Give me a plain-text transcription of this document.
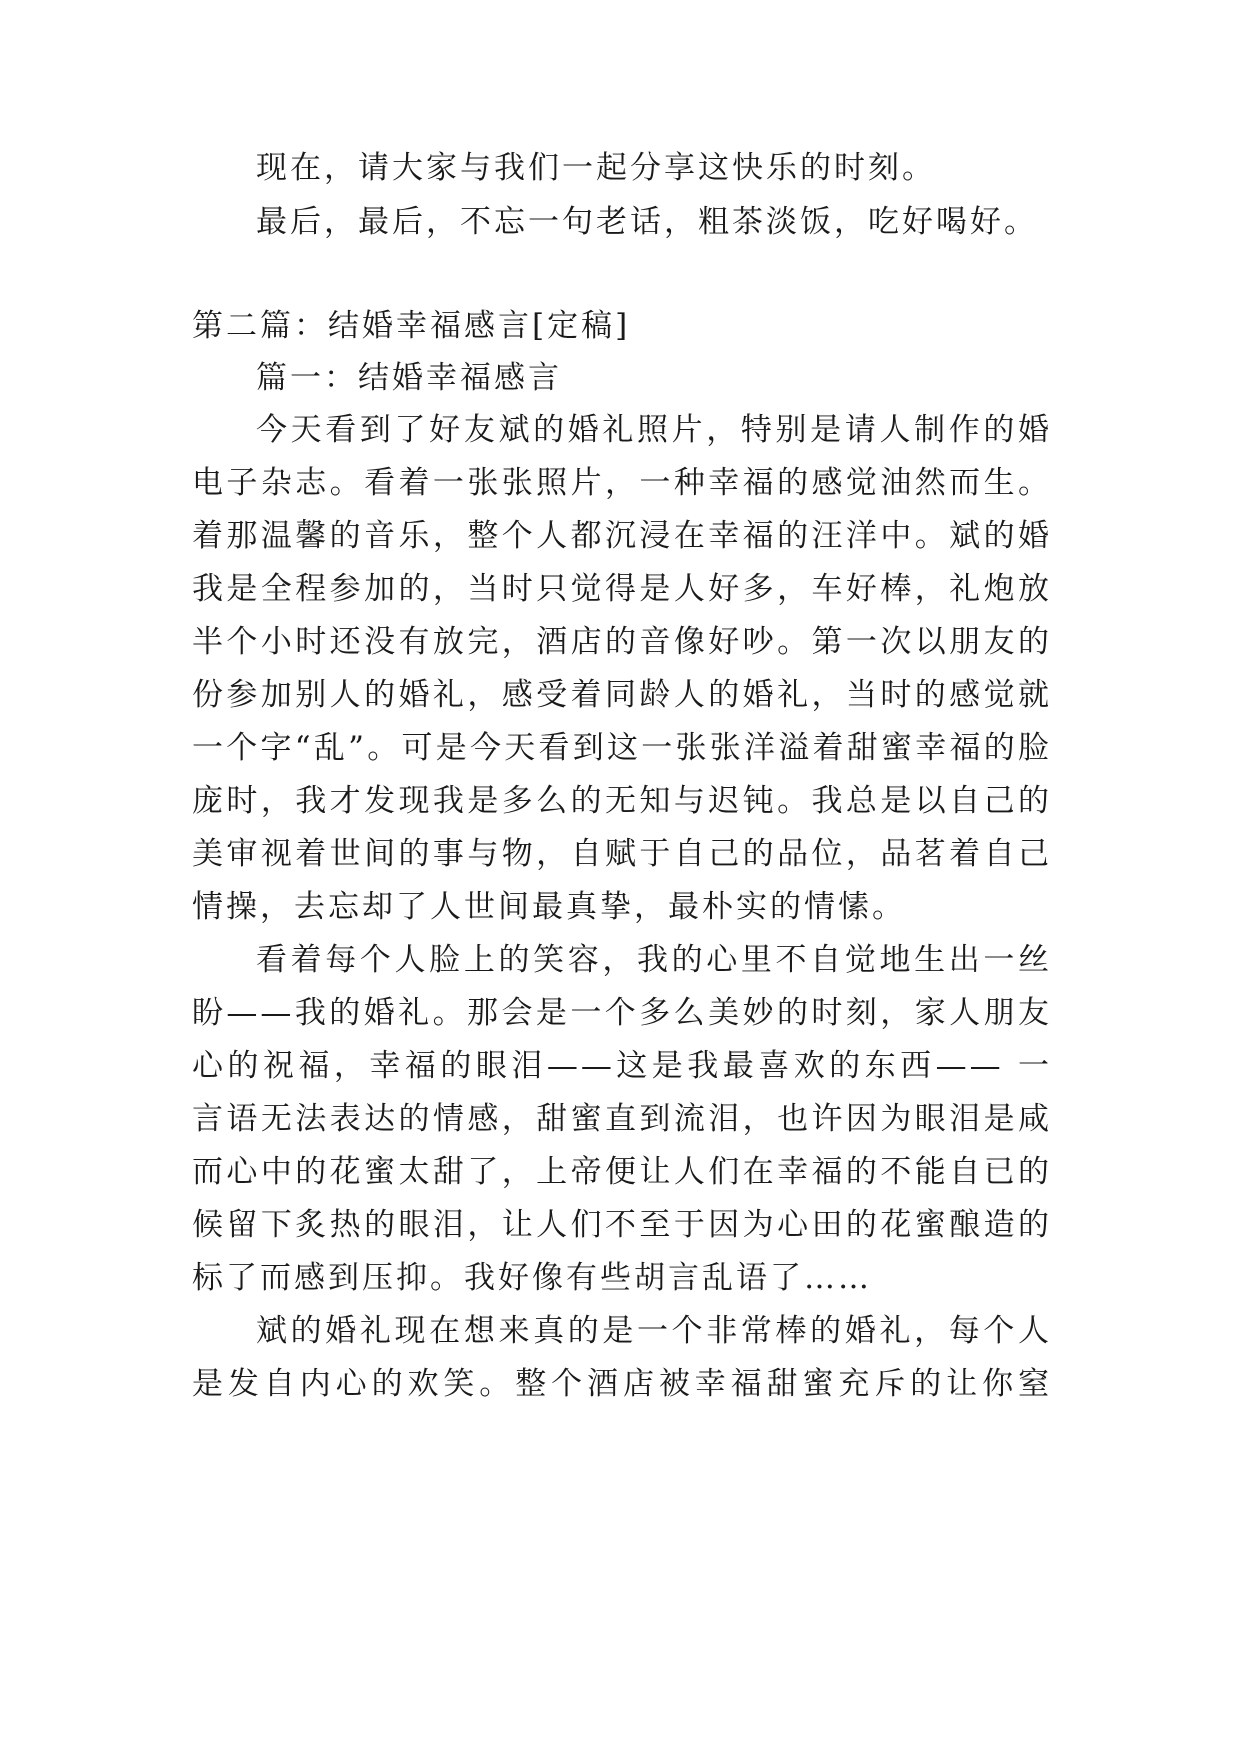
现在，请大家与我们一起分享这快乐的时刻。
最后，最后，不忘一句老话，粗茶淡饭，吃好喝好。
第二篇：结婚幸福感言[定稿]
篇一：结婚幸福感言
今天看到了好友斌的婚礼照片，特别是请人制作的婚
电子杂志。看着一张张照片，一种幸福的感觉油然而生。
着那温馨的音乐，整个人都沉浸在幸福的汪洋中。斌的婚
我是全程参加的，当时只觉得是人好多，车好棒，礼炮放
半个小时还没有放完，酒店的音像好吵。第一次以朋友的
份参加别人的婚礼，感受着同龄人的婚礼，当时的感觉就
一个字“乱”。可是今天看到这一张张洋溢着甜蜜幸福的脸
庞时，我才发现我是多么的无知与迟钝。我总是以自己的
美审视着世间的事与物，自赋于自己的品位，品茗着自己
情操，去忘却了人世间最真挚，最朴实的情愫。
看着每个人脸上的笑容，我的心里不自觉地生出一丝
盼——我的婚礼。那会是一个多么美妙的时刻，家人朋友
心的祝福，幸福的眼泪——这是我最喜欢的东西—— 一
言语无法表达的情感，甜蜜直到流泪，也许因为眼泪是咸
而心中的花蜜太甜了，上帝便让人们在幸福的不能自已的
候留下炙热的眼泪，让人们不至于因为心田的花蜜酿造的
标了而感到压抑。我好像有些胡言乱语了……
斌的婚礼现在想来真的是一个非常棒的婚礼，每个人
是发自内心的欢笑。整个酒店被幸福甜蜜充斥的让你窒
